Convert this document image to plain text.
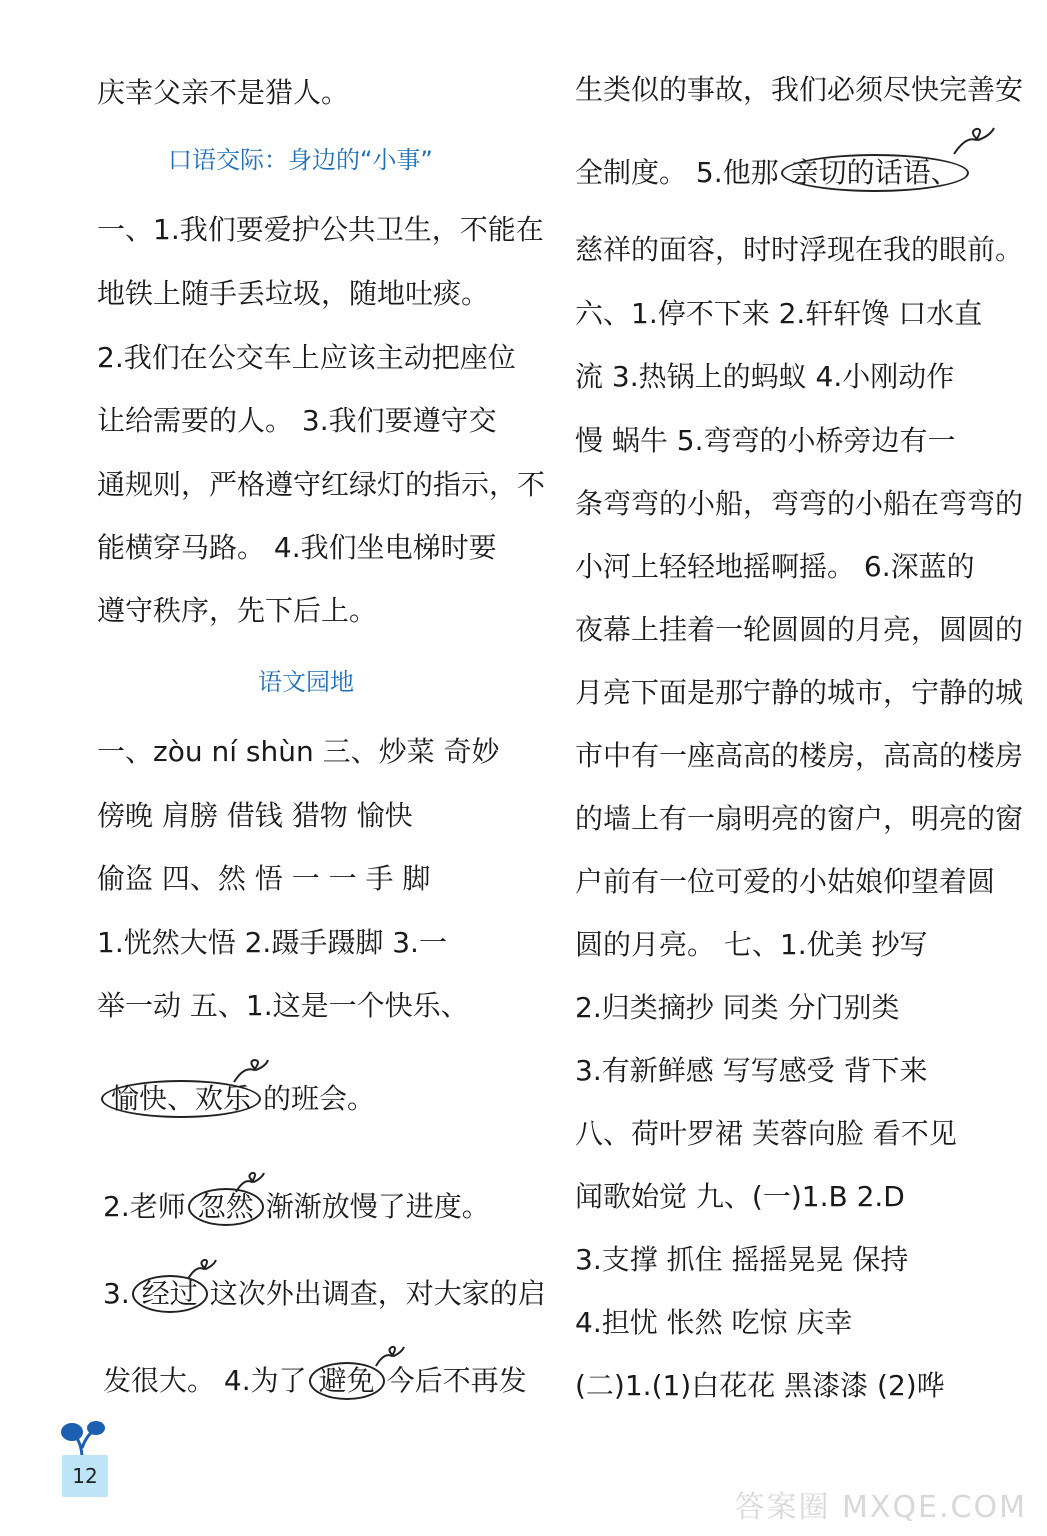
庆幸父亲不是猎人。
口语交际：身边的“小事”
一、1.我们要爱护公共卫生，不能在
地铁上随手丢垃圾，随地吐痰。
2.我们在公交车上应该主动把座位
让给需要的人。 3.我们要遵守交
通规则，严格遵守红绿灯的指示，不
能横穿马路。 4.我们坐电梯时要
遵守秩序，先下后上。
语文园地
一、zòu ní shùn 三、炒菜 奇妙
傍晚 肩膀 借钱 猎物 愉快
偷盗 四、然 悟 一 一 手 脚
1.恍然大悟 2.蹑手蹑脚 3.一
举一动 五、1.这是一个快乐、
愉快、欢乐 的班会。
2.老师 忽然 渐渐放慢了进度。
3. 经过 这次外出调查，对大家的启
发很大。 4.为了 避免 今后不再发
生类似的事故，我们必须尽快完善安
全制度。 5.他那 亲切的话语、
慈祥的面容，时时浮现在我的眼前。
六、1.停不下来 2.轩轩馋 口水直
流 3.热锅上的蚂蚁 4.小刚动作
慢 蜗牛 5.弯弯的小桥旁边有一
条弯弯的小船，弯弯的小船在弯弯的
小河上轻轻地摇啊摇。 6.深蓝的
夜幕上挂着一轮圆圆的月亮，圆圆的
月亮下面是那宁静的城市，宁静的城
市中有一座高高的楼房，高高的楼房
的墙上有一扇明亮的窗户，明亮的窗
户前有一位可爱的小姑娘仰望着圆
圆的月亮。 七、1.优美 抄写
2.归类摘抄 同类 分门别类
3.有新鲜感 写写感受 背下来
八、荷叶罗裙 芙蓉向脸 看不见
闻歌始觉 九、(一)1.B 2.D
3.支撑 抓住 摇摇晃晃 保持
4.担忧 怅然 吃惊 庆幸
(二)1.(1)白花花 黑漆漆 (2)哗
12
答案圈 MXQE.COM
